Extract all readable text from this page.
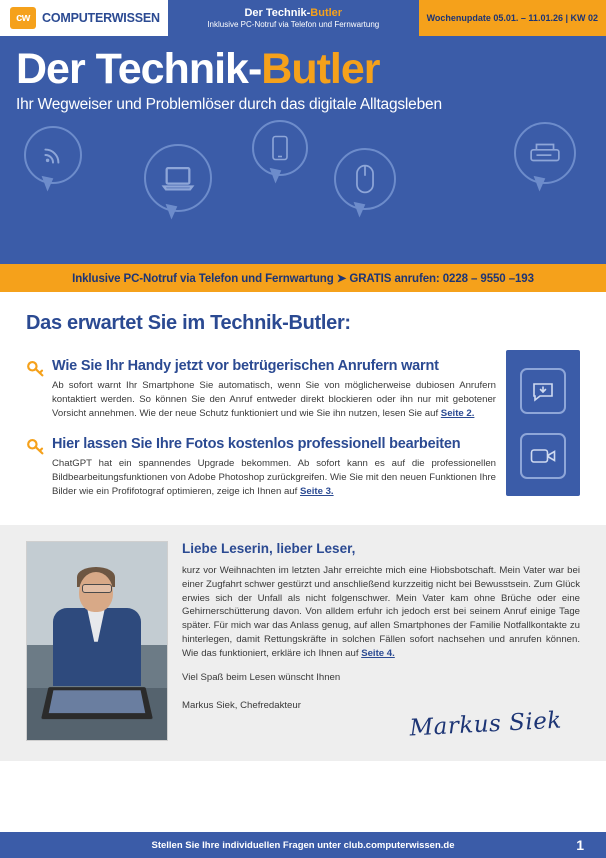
cw COMPUTERWISSEN	Der Technik-Butler
Inklusive PC-Notruf via Telefon und Fernwartung
Wochenupdate 05.01. – 11.01.26 | KW 02
Der Technik-Butler
Ihr Wegweiser und Problemlöser durch das digitale Alltagsleben
Inklusive PC-Notruf via Telefon und Fernwartung ➤ GRATIS anrufen: 0228 – 9550 –193
Das erwartet Sie im Technik-Butler:
Wie Sie Ihr Handy jetzt vor betrügerischen Anrufern warnt
Ab sofort warnt Ihr Smartphone Sie automatisch, wenn Sie von möglicherweise dubiosen Anrufern kontaktiert werden. So können Sie den Anruf entweder direkt blockieren oder ihn nur mit gebotener Vorsicht annehmen. Wie der neue Schutz funktioniert und wie Sie ihn nutzen, lesen Sie auf Seite 2.
Hier lassen Sie Ihre Fotos kostenlos professionell bearbeiten
ChatGPT hat ein spannendes Upgrade bekommen. Ab sofort kann es auf die professionellen Bildbearbeitungsfunktionen von Adobe Photoshop zurückgreifen. Wie Sie mit den neuen Funktionen Ihre Bilder wie ein Profifotograf optimieren, zeige ich Ihnen auf Seite 3.
Liebe Leserin, lieber Leser,

kurz vor Weihnachten im letzten Jahr erreichte mich eine Hiobsbotschaft. Mein Vater war bei einer Zugfahrt schwer gestürzt und anschließend kurzzeitig nicht bei Bewusstsein. Zum Glück erwies sich der Unfall als nicht folgenschwer. Mein Vater kam ohne Brüche oder eine Gehirnerschütterung davon. Von alldem erfuhr ich jedoch erst bei seinem Anruf einige Tage später. Für mich war das Anlass genug, auf allen Smartphones der Familie Notfallkontakte zu hinterlegen, damit Rettungskräfte in solchen Fällen sofort nachsehen und anrufen können. Wie das funktioniert, erkläre ich Ihnen auf Seite 4.

Viel Spaß beim Lesen wünscht Ihnen

Markus Siek, Chefredakteur

Markus Siek
Stellen Sie Ihre individuellen Fragen unter club.computerwissen.de	1
